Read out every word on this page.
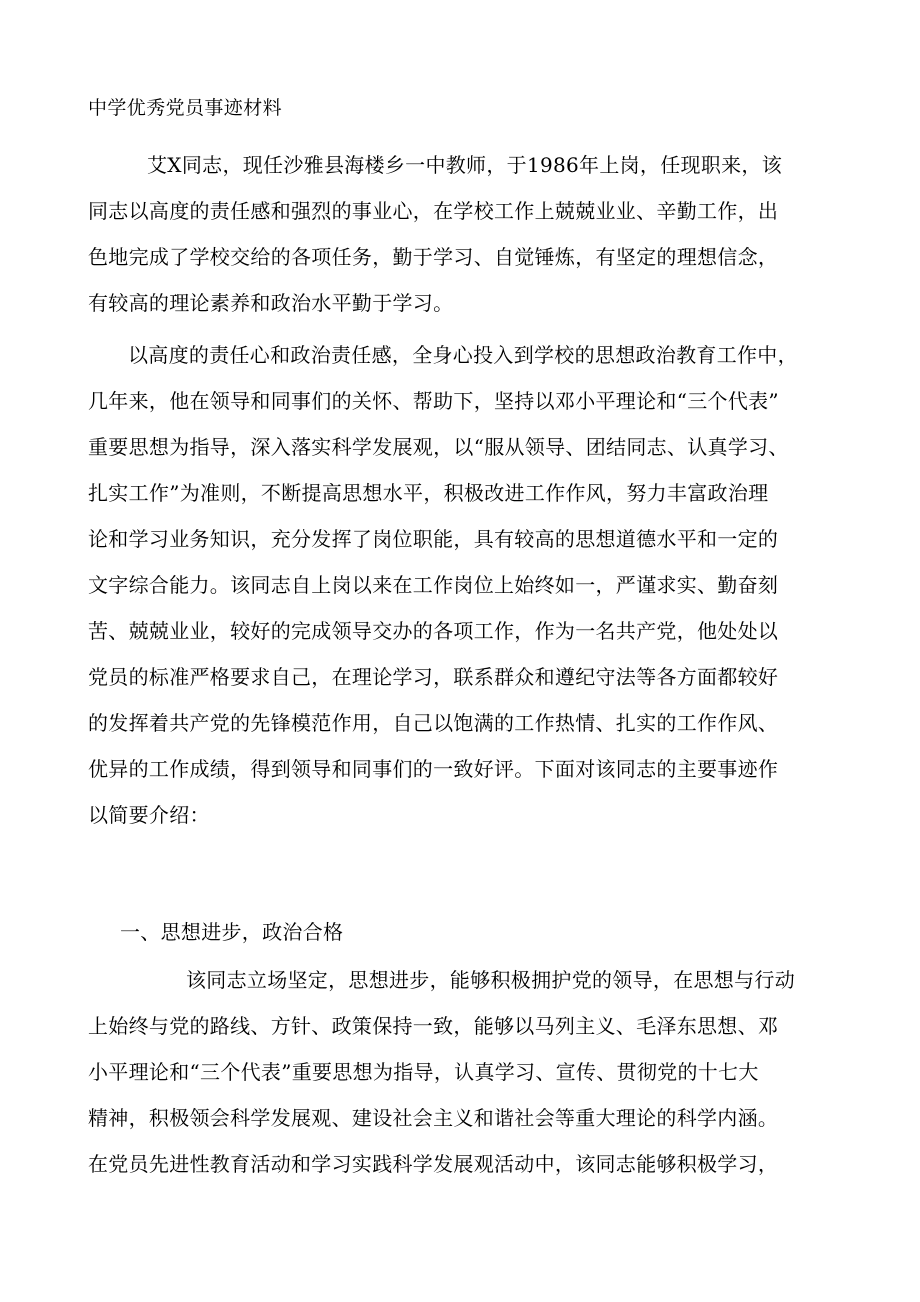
中学优秀党员事迹材料
艾X同志，现任沙雅县海楼乡一中教师，于1986年上岗，任现职来，该
同志以高度的责任感和强烈的事业心，在学校工作上兢兢业业、辛勤工作，出
色地完成了学校交给的各项任务，勤于学习、自觉锤炼，有坚定的理想信念，
有较高的理论素养和政治水平勤于学习。
以高度的责任心和政治责任感，全身心投入到学校的思想政治教育工作中，
几年来，他在领导和同事们的关怀、帮助下，坚持以邓小平理论和“三个代表”
重要思想为指导，深入落实科学发展观，以“服从领导、团结同志、认真学习、
扎实工作”为准则，不断提高思想水平，积极改进工作作风，努力丰富政治理
论和学习业务知识，充分发挥了岗位职能，具有较高的思想道德水平和一定的
文字综合能力。该同志自上岗以来在工作岗位上始终如一，严谨求实、勤奋刻
苦、兢兢业业，较好的完成领导交办的各项工作，作为一名共产党，他处处以
党员的标准严格要求自己，在理论学习，联系群众和遵纪守法等各方面都较好
的发挥着共产党的先锋模范作用，自己以饱满的工作热情、扎实的工作作风、
优异的工作成绩，得到领导和同事们的一致好评。下面对该同志的主要事迹作
以简要介绍：
一、思想进步，政治合格
该同志立场坚定，思想进步，能够积极拥护党的领导，在思想与行动
上始终与党的路线、方针、政策保持一致，能够以马列主义、毛泽东思想、邓
小平理论和“三个代表”重要思想为指导，认真学习、宣传、贯彻党的十七大
精神，积极领会科学发展观、建设社会主义和谐社会等重大理论的科学内涵。
在党员先进性教育活动和学习实践科学发展观活动中，该同志能够积极学习，
